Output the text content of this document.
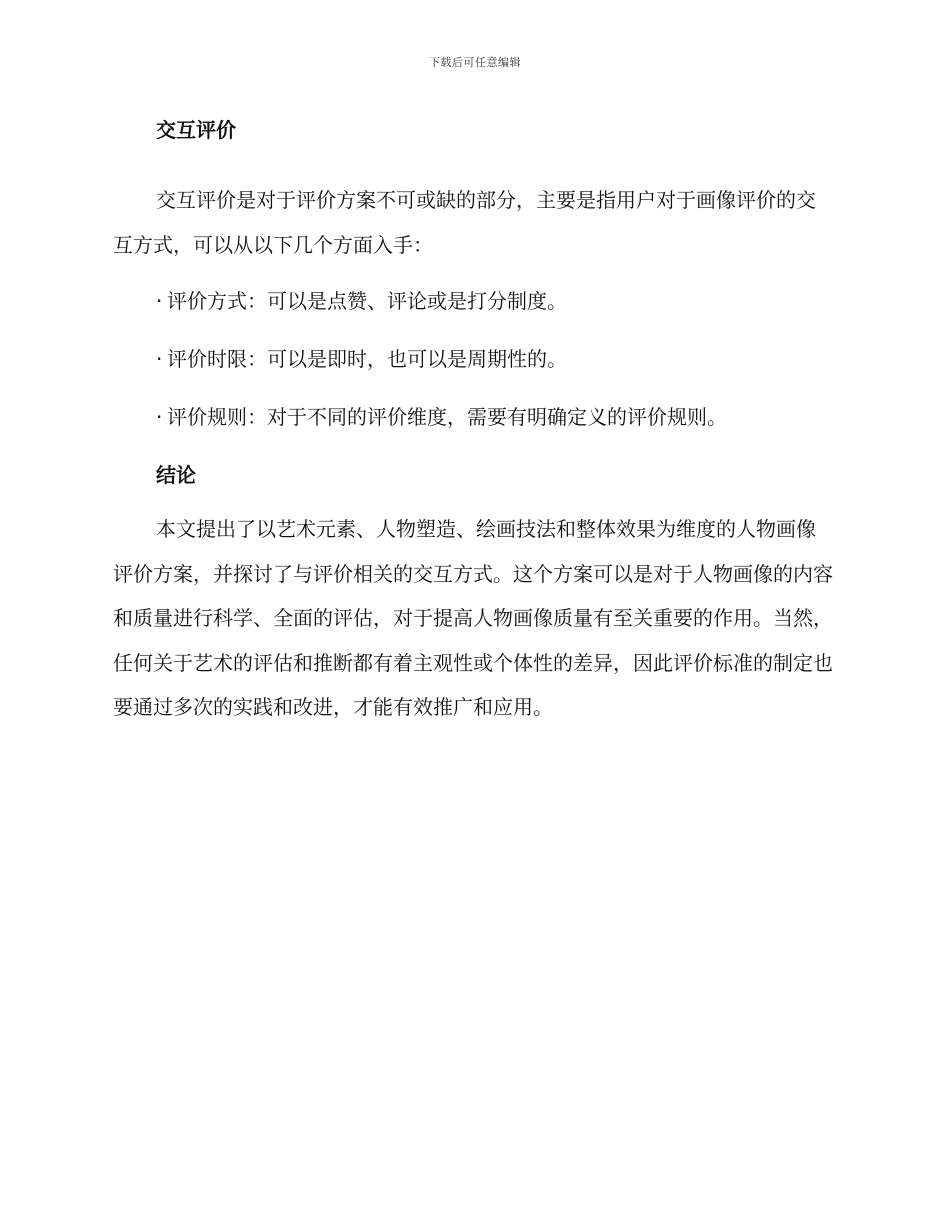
下载后可任意编辑
交互评价

交互评价是对于评价方案不可或缺的部分，主要是指用户对于画像评价的交互方式，可以从以下几个方面入手：

· 评价方式：可以是点赞、评论或是打分制度。
· 评价时限：可以是即时，也可以是周期性的。
· 评价规则：对于不同的评价维度，需要有明确定义的评价规则。
结论

本文提出了以艺术元素、人物塑造、绘画技法和整体效果为维度的人物画像评价方案，并探讨了与评价相关的交互方式。这个方案可以是对于人物画像的内容和质量进行科学、全面的评估，对于提高人物画像质量有至关重要的作用。当然，任何关于艺术的评估和推断都有着主观性或个体性的差异，因此评价标准的制定也要通过多次的实践和改进，才能有效推广和应用。
